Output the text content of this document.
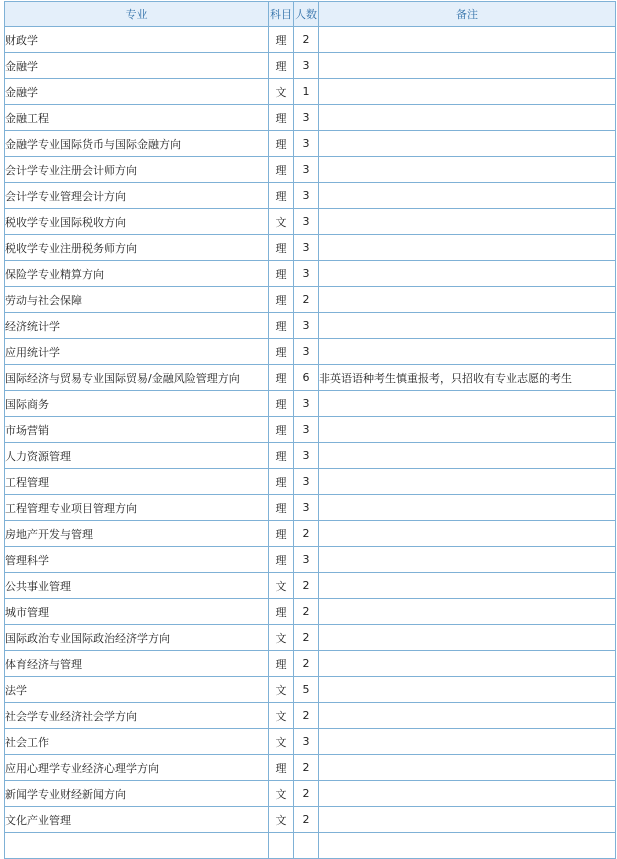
专业	科目	人数	备注
财政学	理	2	
金融学	理	3	
金融学	文	1	
金融工程	理	3	
金融学专业国际货币与国际金融方向	理	3	
会计学专业注册会计师方向	理	3	
会计学专业管理会计方向	理	3	
税收学专业国际税收方向	文	3	
税收学专业注册税务师方向	理	3	
保险学专业精算方向	理	3	
劳动与社会保障	理	2	
经济统计学	理	3	
应用统计学	理	3	
国际经济与贸易专业国际贸易/金融风险管理方向	理	6	非英语语种考生慎重报考，只招收有专业志愿的考生
国际商务	理	3	
市场营销	理	3	
人力资源管理	理	3	
工程管理	理	3	
工程管理专业项目管理方向	理	3	
房地产开发与管理	理	2	
管理科学	理	3	
公共事业管理	文	2	
城市管理	理	2	
国际政治专业国际政治经济学方向	文	2	
体育经济与管理	理	2	
法学	文	5	
社会学专业经济社会学方向	文	2	
社会工作	文	3	
应用心理学专业经济心理学方向	理	2	
新闻学专业财经新闻方向	文	2	
文化产业管理	文	2	
